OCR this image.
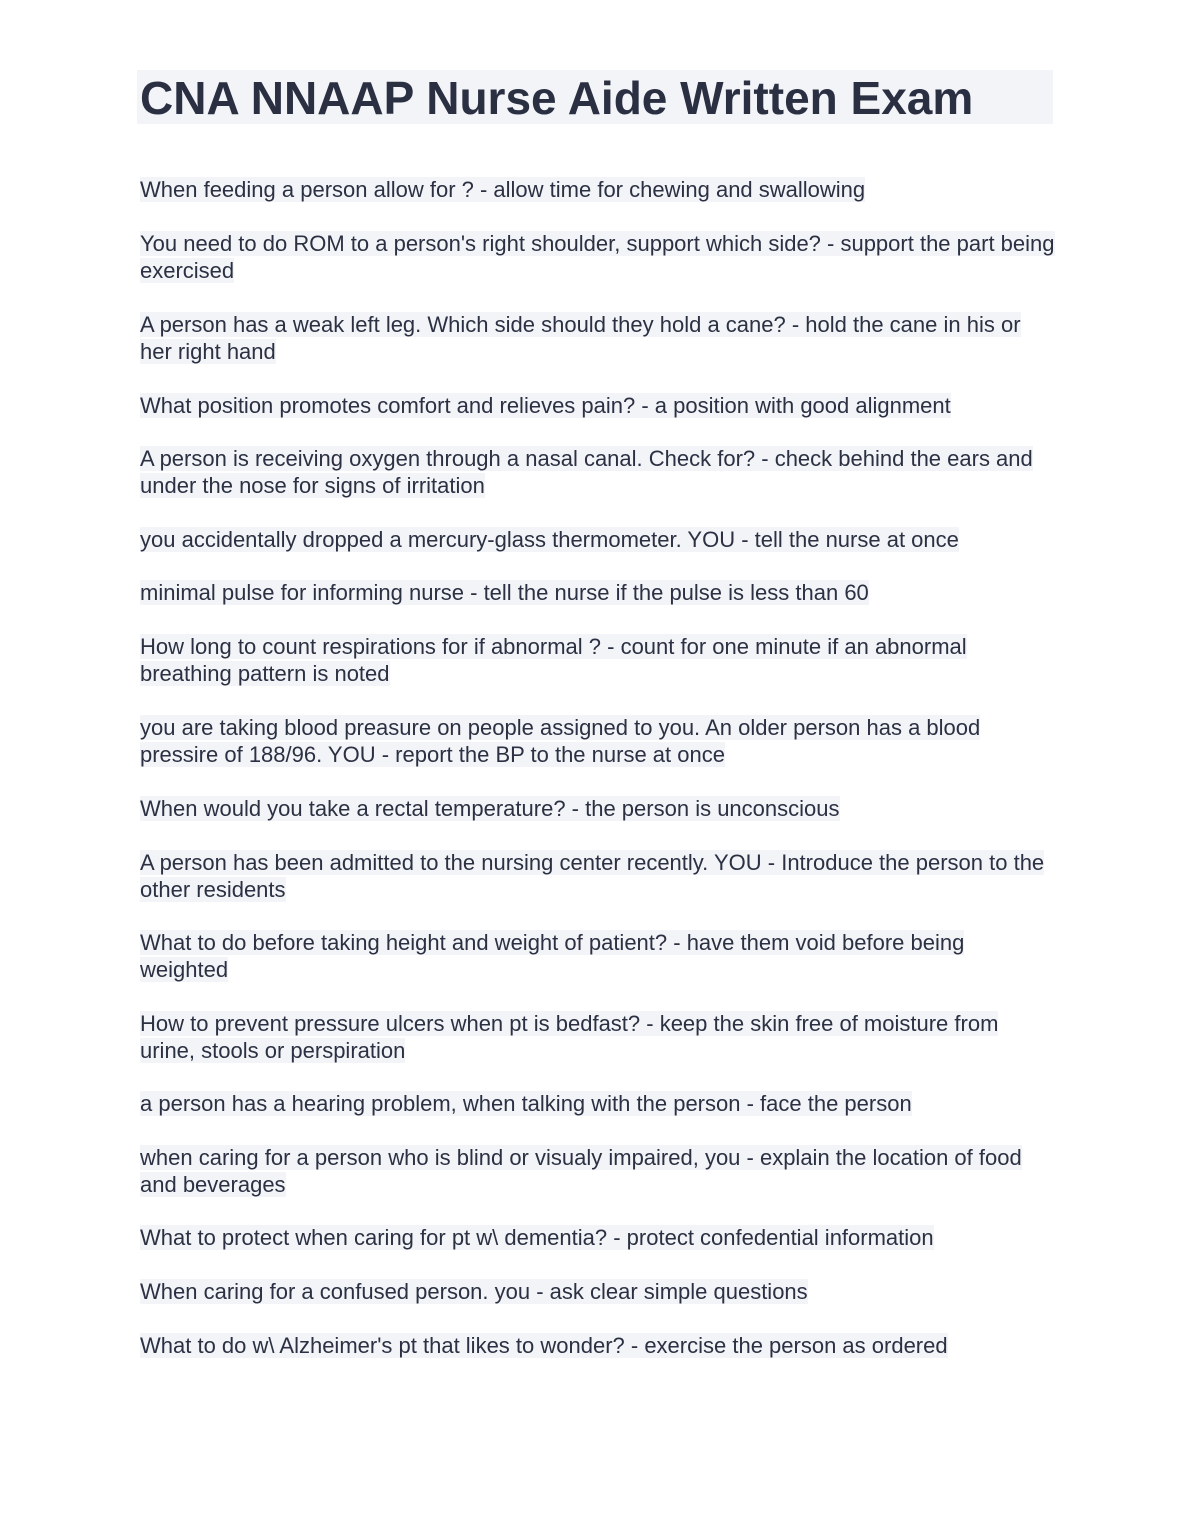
CNA NNAAP Nurse Aide Written Exam
When feeding a person allow for ? - allow time for chewing and swallowing
You need to do ROM to a person's right shoulder, support which side? - support the part being exercised
A person has a weak left leg. Which side should they hold a cane? - hold the cane in his or her right hand
What position promotes comfort and relieves pain? - a position with good alignment
A person is receiving oxygen through a nasal canal. Check for? - check behind the ears and under the nose for signs of irritation
you accidentally dropped a mercury-glass thermometer. YOU - tell the nurse at once
minimal pulse for informing nurse - tell the nurse if the pulse is less than 60
How long to count respirations for if abnormal ? - count for one minute if an abnormal breathing pattern is noted
you are taking blood preasure on people assigned to you. An older person has a blood pressire of 188/96. YOU - report the BP to the nurse at once
When would you take a rectal temperature? - the person is unconscious
A person has been admitted to the nursing center recently. YOU - Introduce the person to the other residents
What to do before taking height and weight of patient? - have them void before being weighted
How to prevent pressure ulcers when pt is bedfast? - keep the skin free of moisture from urine, stools or perspiration
a person has a hearing problem, when talking with the person - face the person
when caring for a person who is blind or visualy impaired, you - explain the location of food and beverages
What to protect when caring for pt w\ dementia? - protect confedential information
When caring for a confused person. you - ask clear simple questions
What to do w\ Alzheimer's pt that likes to wonder? - exercise the person as ordered
